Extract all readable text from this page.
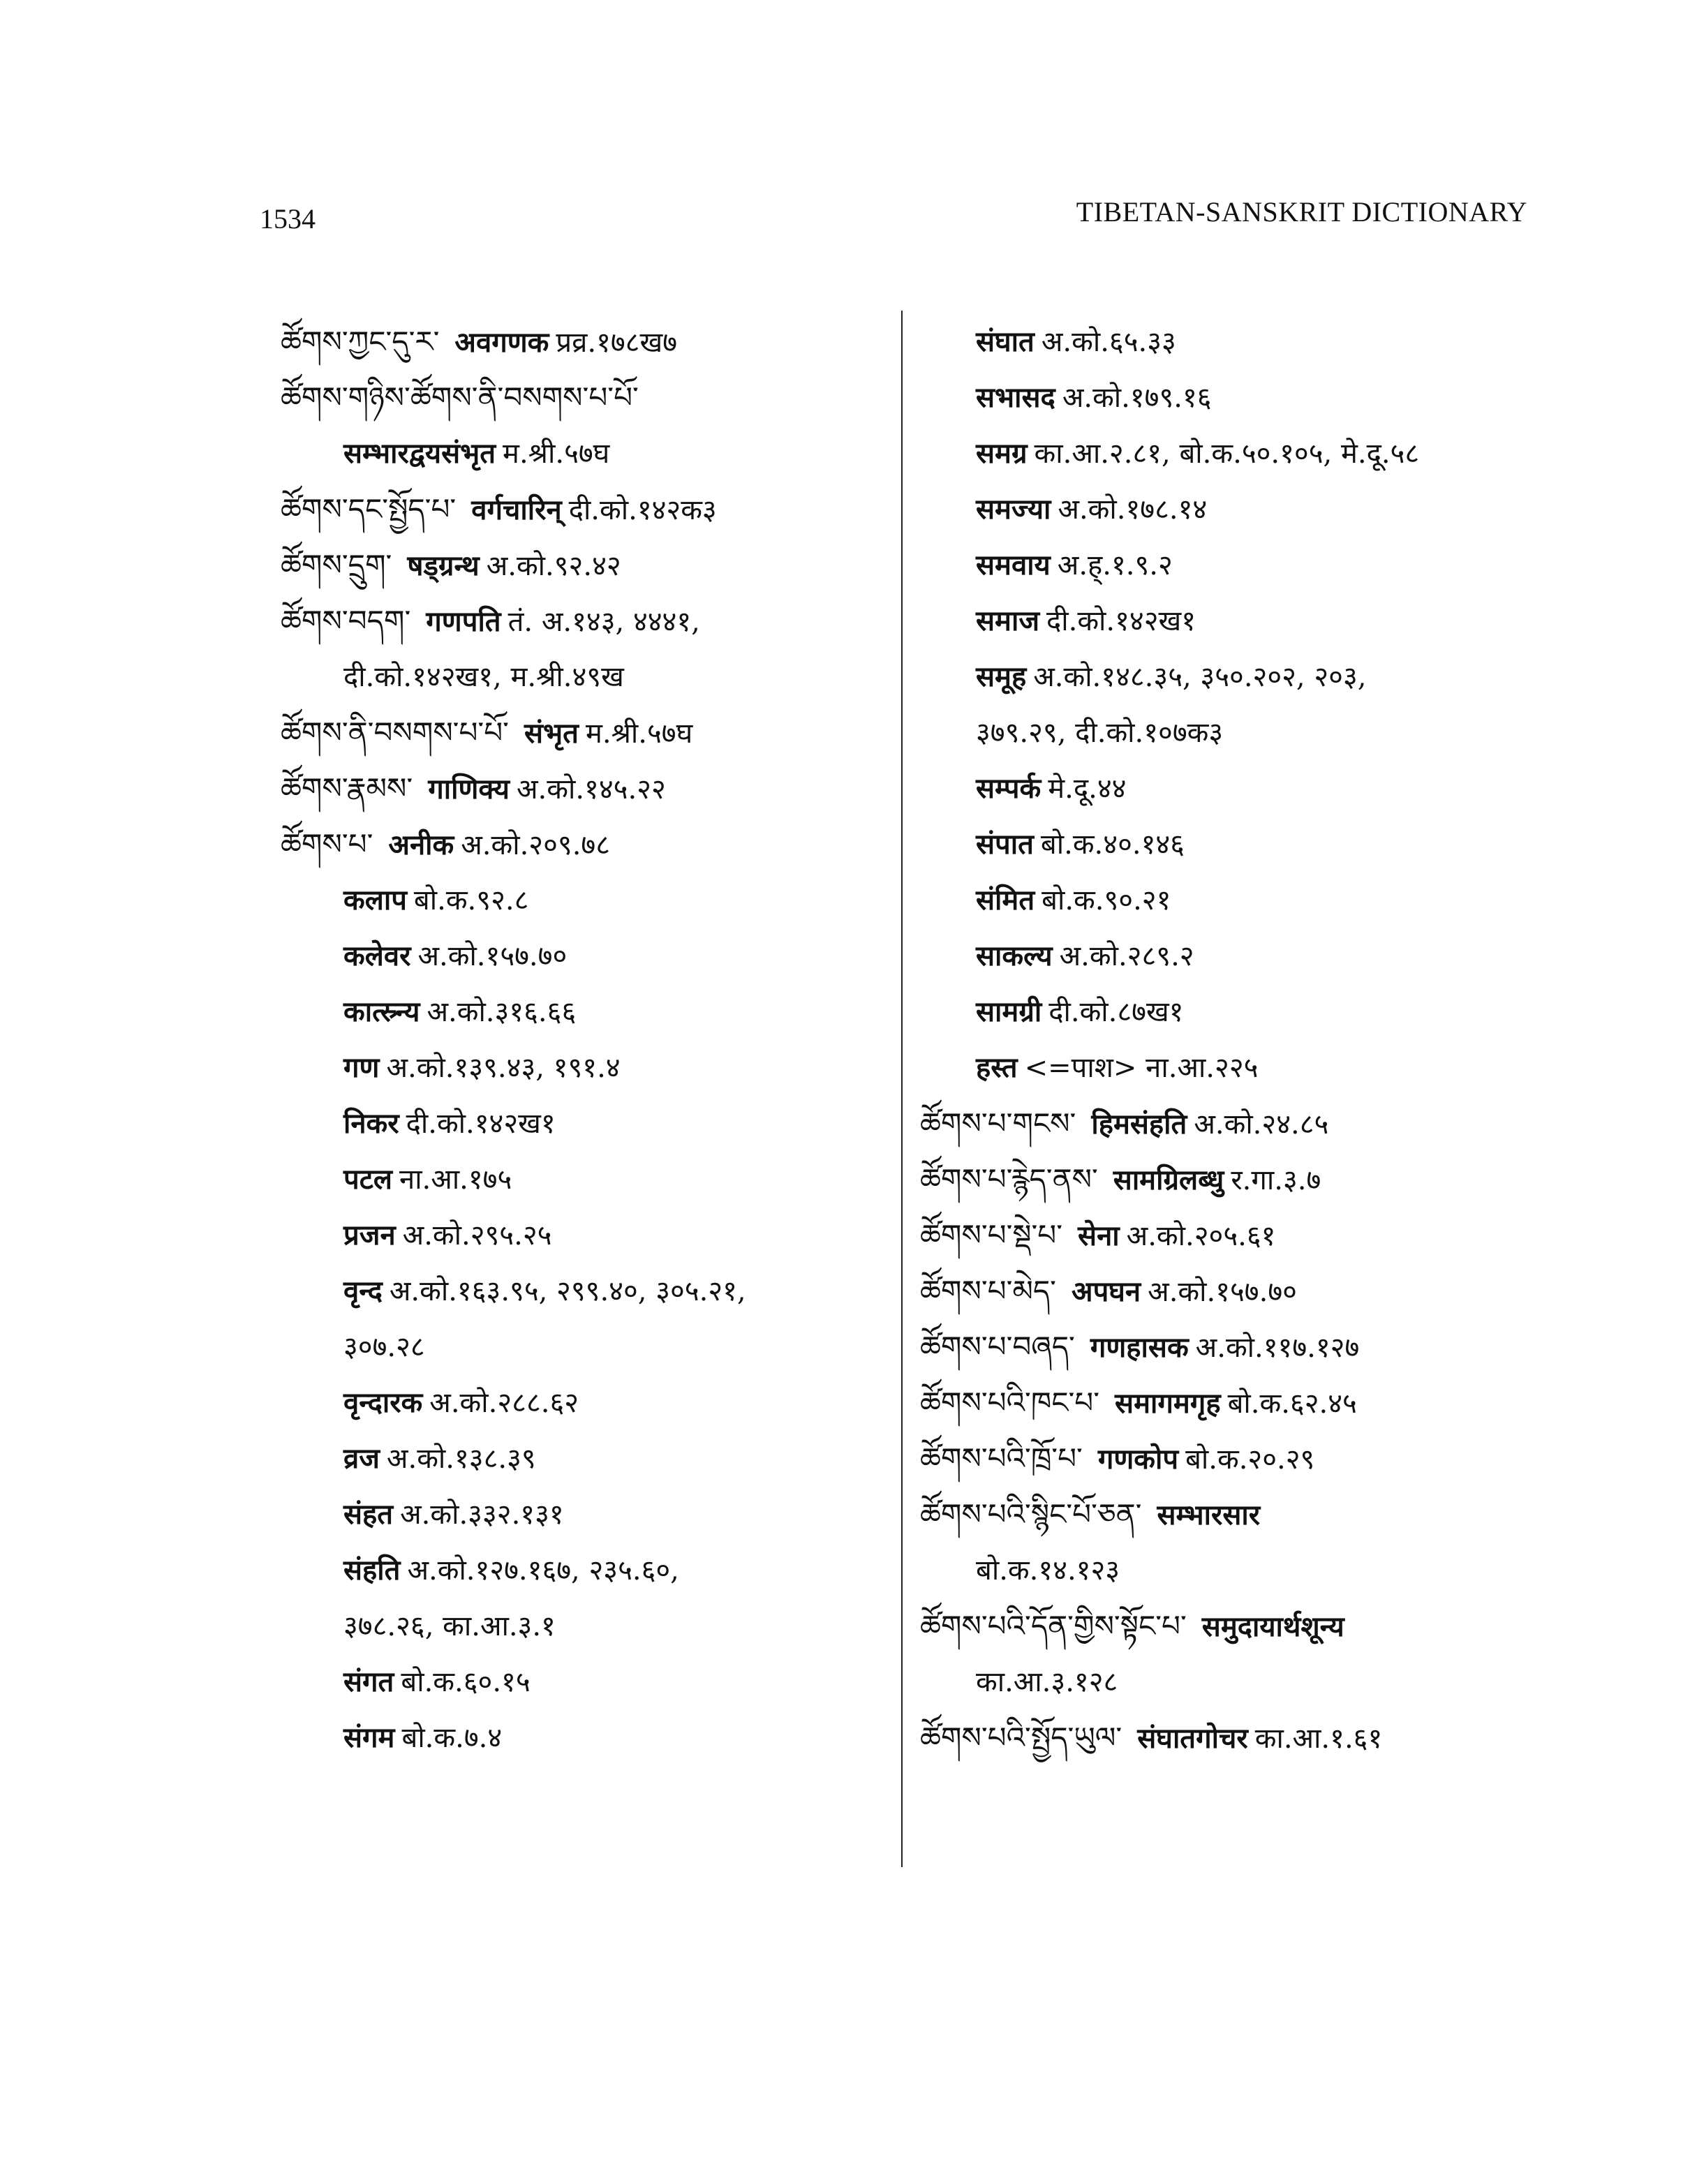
1534	TIBETAN-SANSKRIT DICTIONARY
ཚོགས་ཀྱང་དུ་ར་ अवगणक प्रव्र.१७८ख७
ཚོགས་གཉིས་ཚོགས་ནི་བསགས་པ་པོ་
सम्भारद्वयसंभृत म.श्री.५७घ
ཚོགས་དང་སྤྱོད་པ་ वर्गचारिन् दी.को.१४२क३
ཚོགས་དྲུག་ षड्ग्रन्थ अ.को.९२.४२
ཚོགས་བདག་ गणपति तं. अ.१४३, ४४४१,
दी.को.१४२ख१, म.श्री.४९ख
ཚོགས་ནི་བསགས་པ་པོ་ संभृत म.श्री.५७घ
ཚོགས་རྣམས་ गाणिक्य अ.को.१४५.२२
ཚོགས་པ་ अनीक अ.को.२०९.७८
कलाप बो.क.९२.८
कलेवर अ.को.१५७.७०
कात्स्र्न्य अ.को.३१६.६६
गण अ.को.१३९.४३, १९१.४
निकर दी.को.१४२ख१
पटल ना.आ.१७५
प्रजन अ.को.२९५.२५
वृन्द अ.को.१६३.९५, २९९.४०, ३०५.२१,
३०७.२८
वृन्दारक अ.को.२८८.६२
व्रज अ.को.१३८.३९
संहत अ.को.३३२.१३१
संहति अ.को.१२७.१६७, २३५.६०,
३७८.२६, का.आ.३.१
संगत बो.क.६०.१५
संगम बो.क.७.४
संघात अ.को.६५.३३
सभासद अ.को.१७९.१६
समग्र का.आ.२.८१, बो.क.५०.१०५, मे.दू.५८
समज्या अ.को.१७८.१४
समवाय अ.ह्.१.९.२
समाज दी.को.१४२ख१
समूह अ.को.१४८.३५, ३५०.२०२, २०३,
३७९.२९, दी.को.१०७क३
सम्पर्क मे.दू.४४
संपात बो.क.४०.१४६
संमित बो.क.९०.२१
साकल्य अ.को.२८९.२
सामग्री दी.को.८७ख१
हस्त <=पाश> ना.आ.२२५
ཚོགས་པ་གངས་ हिमसंहति अ.को.२४.८५
ཚོགས་པ་རྙེད་ནས་ सामग्रिलब्धु र.गा.३.७
ཚོགས་པ་སྡེ་པ་ सेना अ.को.२०५.६१
ཚོགས་པ་མེད་ अपघन अ.को.१५७.७०
ཚོགས་པ་བཞད་ गणहासक अ.को.११७.१२७
ཚོགས་པའི་ཁང་པ་ समागमगृह बो.क.६२.४५
ཚོགས་པའི་ཁྲོ་པ་ गणकोप बो.क.२०.२९
ཚོགས་པའི་སྙིང་པོ་ཅན་ सम्भारसार
बो.क.१४.१२३
ཚོགས་པའི་དོན་གྱིས་སྟོང་པ་ समुदायार्थशून्य
का.आ.३.१२८
ཚོགས་པའི་སྤྱོད་ཡུལ་ संघातगोचर का.आ.१.६१
